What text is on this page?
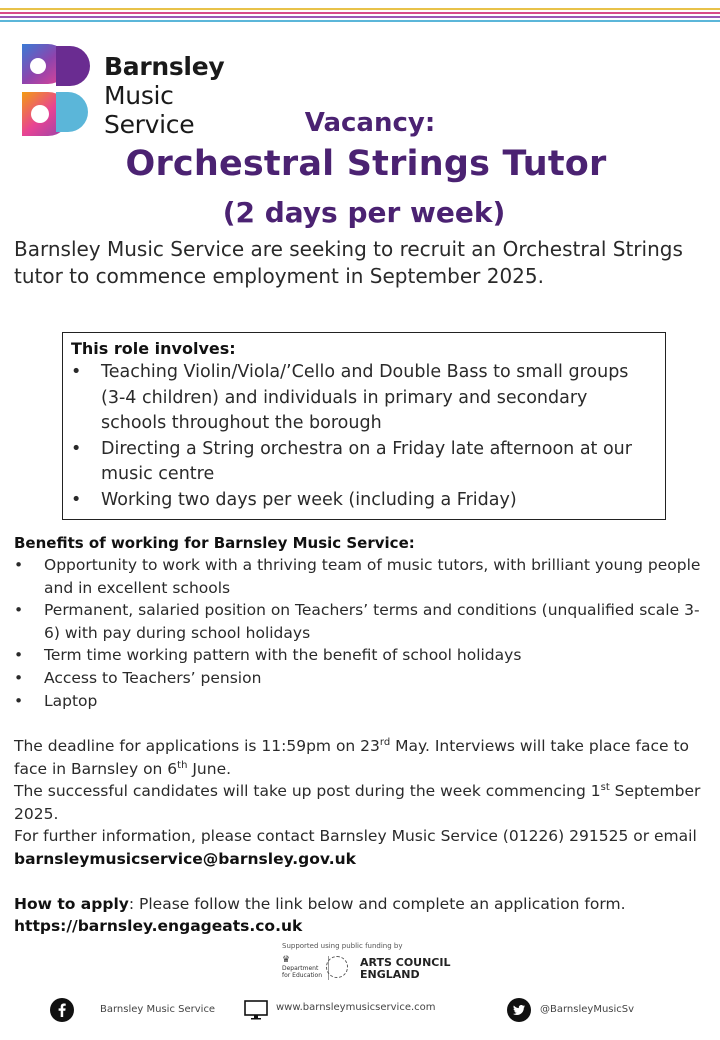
Barnsley
Music
Service	Vacancy:
Orchestral Strings Tutor
(2 days per week)
Barnsley Music Service are seeking to recruit an Orchestral Strings tutor to commence employment in September 2025.
This role involves:
• Teaching Violin/Viola/’Cello and Double Bass to small groups (3-4 children) and individuals in primary and secondary schools throughout the borough
• Directing a String orchestra on a Friday late afternoon at our music centre
• Working two days per week (including a Friday)
Benefits of working for Barnsley Music Service:
• Opportunity to work with a thriving team of music tutors, with brilliant young people and in excellent schools
• Permanent, salaried position on Teachers’ terms and conditions (unqualified scale 3-6) with pay during school holidays
• Term time working pattern with the benefit of school holidays
• Access to Teachers’ pension
• Laptop

The deadline for applications is 11:59pm on 23rd May. Interviews will take place face to face in Barnsley on 6th June.

The successful candidates will take up post during the week commencing 1st September 2025.

For further information, please contact Barnsley Music Service (01226) 291525 or email barnsleymusicservice@barnsley.gov.uk

How to apply: Please follow the link below and complete an application form.

https://barnsley.engageats.co.uk

Supported using public funding by
♛
Department
for Education
ARTS COUNCIL
ENGLAND
Barnsley Music Service	www.barnsleymusicservice.com	@BarnsleyMusicSv
